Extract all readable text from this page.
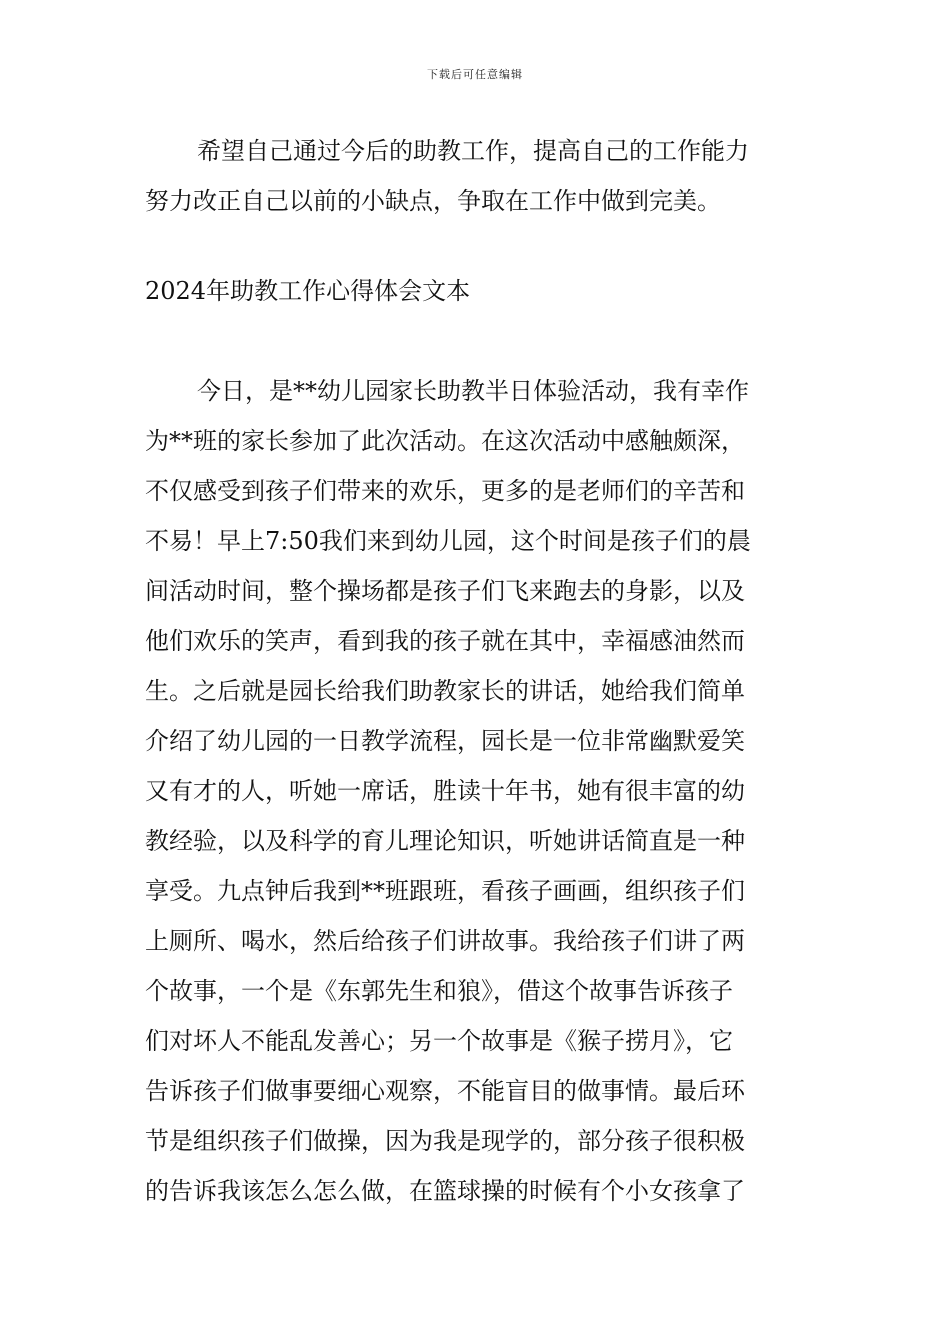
下载后可任意编辑
希望自己通过今后的助教工作，提高自己的工作能力
努力改正自己以前的小缺点，争取在工作中做到完美。
2024年助教工作心得体会文本
今日，是**幼儿园家长助教半日体验活动，我有幸作
为**班的家长参加了此次活动。在这次活动中感触颇深，
不仅感受到孩子们带来的欢乐，更多的是老师们的辛苦和
不易！早上7:50我们来到幼儿园，这个时间是孩子们的晨
间活动时间，整个操场都是孩子们飞来跑去的身影，以及
他们欢乐的笑声，看到我的孩子就在其中，幸福感油然而
生。之后就是园长给我们助教家长的讲话，她给我们简单
介绍了幼儿园的一日教学流程，园长是一位非常幽默爱笑
又有才的人，听她一席话，胜读十年书，她有很丰富的幼
教经验，以及科学的育儿理论知识，听她讲话简直是一种
享受。九点钟后我到**班跟班，看孩子画画，组织孩子们
上厕所、喝水，然后给孩子们讲故事。我给孩子们讲了两
个故事，一个是《东郭先生和狼》，借这个故事告诉孩子
们对坏人不能乱发善心；另一个故事是《猴子捞月》，它
告诉孩子们做事要细心观察，不能盲目的做事情。最后环
节是组织孩子们做操，因为我是现学的，部分孩子很积极
的告诉我该怎么怎么做，在篮球操的时候有个小女孩拿了
